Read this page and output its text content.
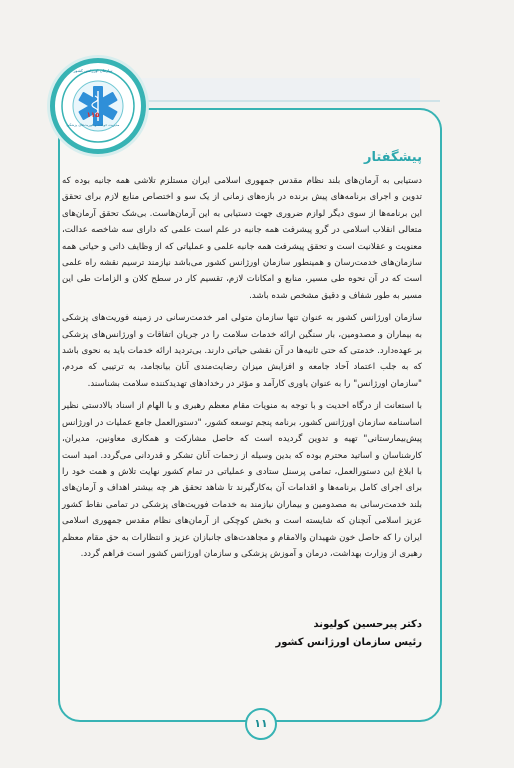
سازمان اورژانس کشور
۱۱۵
مدیریت حوادث و فوریت‌های پزشکی
پیشگفتار

دستیابی به آرمان‌های بلند نظام مقدس جمهوری اسلامی ایران مستلزم تلاشی همه جانبه بوده که تدوین و اجرای برنامه‌های پیش برنده در بازه‌های زمانی از یک سو و اختصاص منابع لازم برای تحقق این برنامه‌ها از سوی دیگر لوازم ضروری جهت دستیابی به این آرمان‌هاست. بی‌شک تحقق آرمان‌های متعالی انقلاب اسلامی در گرو پیشرفت همه جانبه در علم است علمی که دارای سه شاخصه عدالت، معنویت و عقلانیت است و تحقق پیشرفت همه جانبه علمی و عملیاتی که از وظایف ذاتی و حیاتی همه سازمان‌های خدمت‌رسان و همینطور سازمان اورژانس کشور می‌باشد نیازمند ترسیم نقشه راه علمی است که در آن نحوه طی مسیر، منابع و امکانات لازم، تقسیم کار در سطح کلان و الزامات طی این مسیر به طور شفاف و دقیق مشخص شده باشد.

سازمان اورژانس کشور به عنوان تنها سازمان متولی امر خدمت‌رسانی در زمینه فوریت‌های پزشکی به بیماران و مصدومین، بار سنگین ارائه خدمات سلامت را در جریان اتفاقات و اورژانس‌های پزشکی بر عهده‌دارد. خدمتی که حتی ثانیه‌ها در آن نقشی حیاتی دارند. بی‌تردید ارائه خدمات باید به نحوی باشد که به جلب اعتماد آحاد جامعه و افزایش میزان رضایت‌مندی آنان بیانجامد، به ترتیبی که مردم، "سازمان اورژانس" را به عنوان یاوری کارآمد و مؤثر در رخدادهای تهدیدکننده سلامت بشناسند.

با استعانت از درگاه احدیت و با توجه به منویات مقام معظم رهبری و با الهام از اسناد بالادستی نظیر اساسنامه سازمان اورژانس کشور، برنامه پنجم توسعه کشور، "دستورالعمل جامع عملیات در اورژانس پیش‌بیمارستانی" تهیه و تدوین گردیده است که حاصل مشارکت و همکاری معاونین، مدیران، کارشناسان و اساتید محترم بوده که بدین وسیله از زحمات آنان تشکر و قدردانی می‌گردد. امید است با ابلاغ این دستورالعمل، تمامی پرسنل ستادی و عملیاتی در تمام کشور نهایت تلاش و همت خود را برای اجرای کامل برنامه‌ها و اقدامات آن به‌کارگیرند تا شاهد تحقق هر چه بیشتر اهداف و آرمان‌های بلند خدمت‌رسانی به مصدومین و بیماران نیازمند به خدمات فوریت‌های پزشکی در تمامی نقاط کشور عزیز اسلامی آنچنان که شایسته است و بخش کوچکی از آرمان‌های نظام مقدس جمهوری اسلامی ایران را که حاصل خون شهیدان والامقام و مجاهدت‌های جانبازان عزیز و انتظارات به حق مقام معظم رهبری از وزارت بهداشت، درمان و آموزش پزشکی و سازمان اورژانس کشور است فراهم گردد.

دکتر پیرحسین کولیوند
رئیس سازمان اورژانس کشور
۱۱
